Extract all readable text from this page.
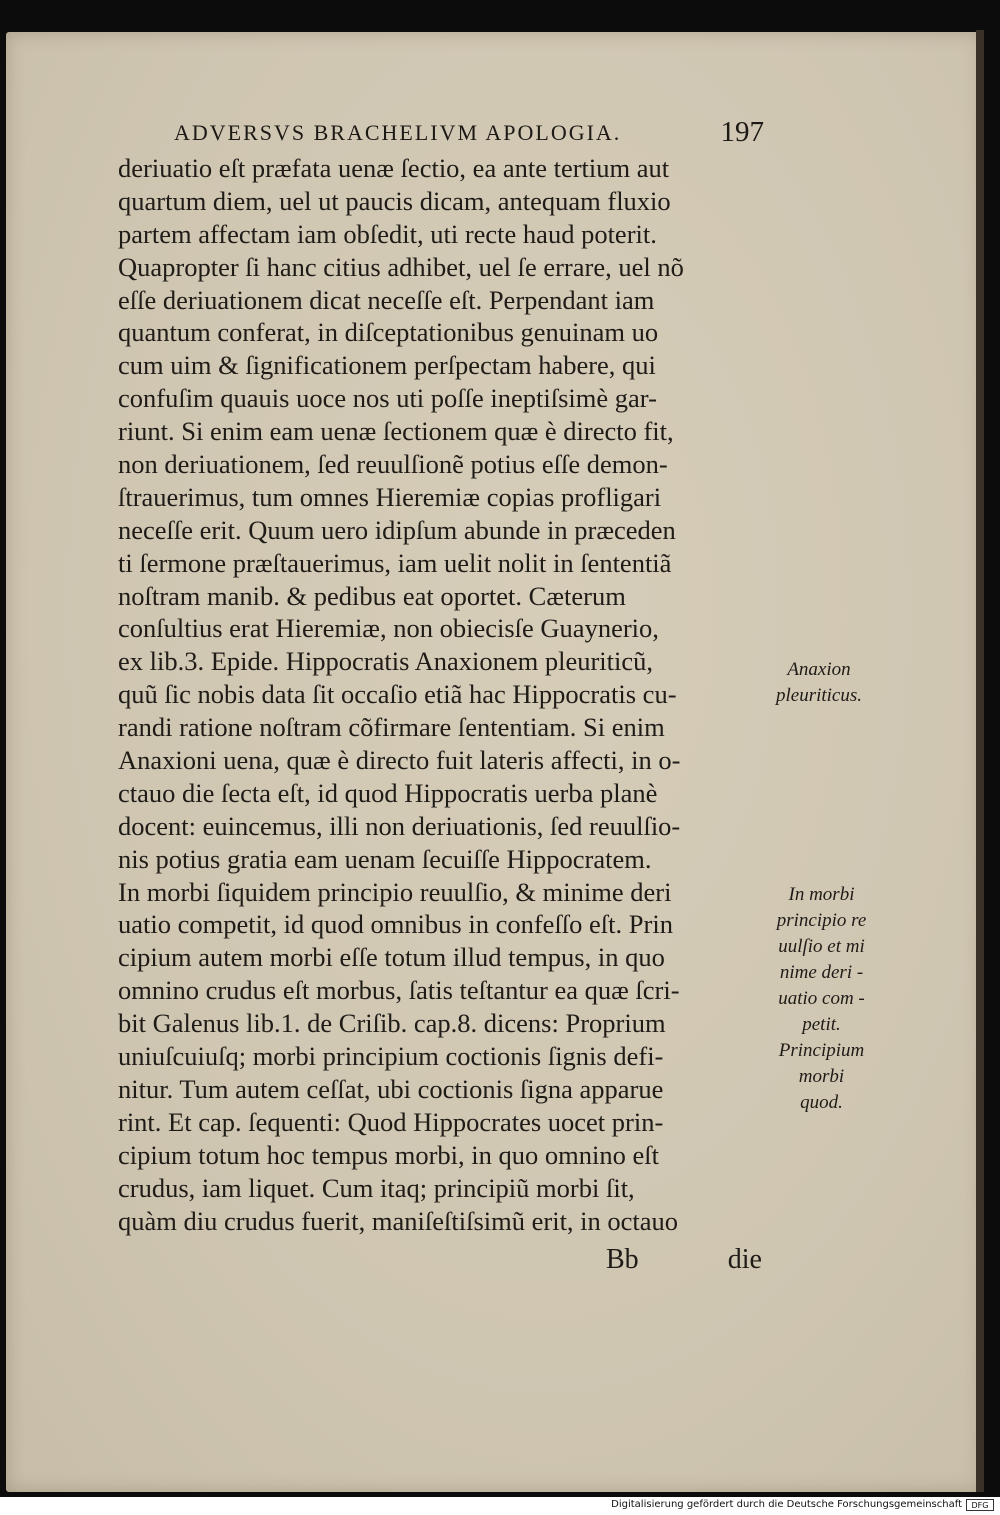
ADVERSVS BRACHELIVM APOLOGIA.	197
deriuatio eſt præfata uenæ ſectio, ea ante tertium aut
quartum diem, uel ut paucis dicam, antequam fluxio
partem affectam iam obſedit, uti recte haud poterit.
Quapropter ſi hanc citius adhibet, uel ſe errare, uel nõ
eſſe deriuationem dicat neceſſe eſt. Perpendant iam
quantum conferat, in diſceptationibus genuinam uo
cum uim & ſignificationem perſpectam habere, qui
confuſim quauis uoce nos uti poſſe ineptiſsimè gar-
riunt. Si enim eam uenæ ſectionem quæ è directo fit,
non deriuationem, ſed reuulſionẽ potius eſſe demon-
ſtrauerimus, tum omnes Hieremiæ copias profligari
neceſſe erit. Quum uero idipſum abunde in præceden
ti ſermone præſtauerimus, iam uelit nolit in ſententiã
noſtram manib. & pedibus eat oportet. Cæterum
conſultius erat Hieremiæ, non obiecisſe Guaynerio,
ex lib.3. Epide. Hippocratis Anaxionem pleuriticũ,
quũ ſic nobis data ſit occaſio etiã hac Hippocratis cu-
randi ratione noſtram cõfirmare ſententiam. Si enim
Anaxioni uena, quæ è directo fuit lateris affecti, in o-
ctauo die ſecta eſt, id quod Hippocratis uerba planè
docent: euincemus, illi non deriuationis, ſed reuulſio-
nis potius gratia eam uenam ſecuiſſe Hippocratem.
In morbi ſiquidem principio reuulſio, & minime deri
uatio competit, id quod omnibus in confeſſo eſt. Prin
cipium autem morbi eſſe totum illud tempus, in quo
omnino crudus eſt morbus, ſatis teſtantur ea quæ ſcri-
bit Galenus lib.1. de Criſib. cap.8. dicens: Proprium
uniuſcuiuſq; morbi principium coctionis ſignis defi-
nitur. Tum autem ceſſat, ubi coctionis ſigna apparue
rint. Et cap. ſequenti: Quod Hippocrates uocet prin-
cipium totum hoc tempus morbi, in quo omnino eſt
crudus, iam liquet. Cum itaq; principiũ morbi ſit,
quàm diu crudus fuerit, maniſeſtiſsimũ erit, in octauo
Bb	die
Anaxion
pleuriticus.
In morbi
principio re
uulſio et mi
nime deri -
uatio com -
petit.
Principium
morbi
quod.
Digitalisierung gefördert durch die Deutsche Forschungsgemeinschaft	DFG
